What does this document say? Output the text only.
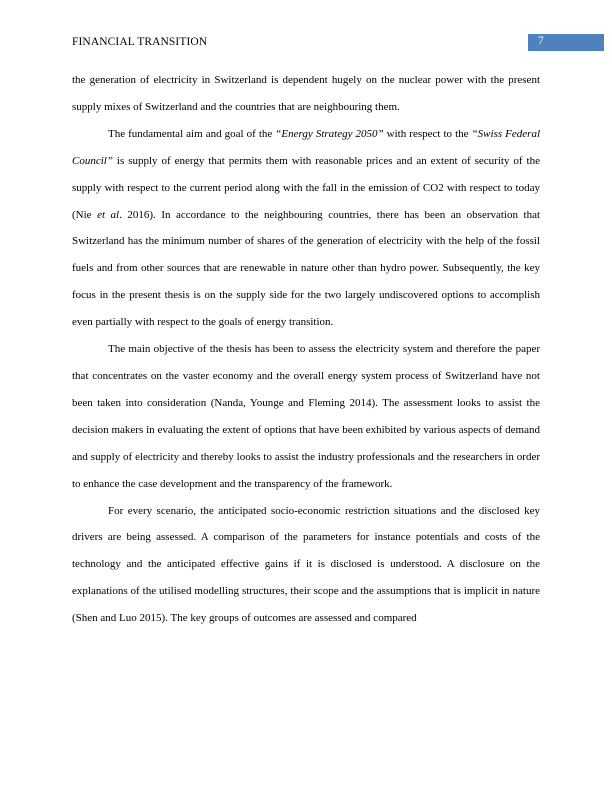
FINANCIAL TRANSITION	7

the generation of electricity in Switzerland is dependent hugely on the nuclear power with the present supply mixes of Switzerland and the countries that are neighbouring them.

The fundamental aim and goal of the “Energy Strategy 2050” with respect to the “Swiss Federal Council” is supply of energy that permits them with reasonable prices and an extent of security of the supply with respect to the current period along with the fall in the emission of CO2 with respect to today (Nie et al. 2016). In accordance to the neighbouring countries, there has been an observation that Switzerland has the minimum number of shares of the generation of electricity with the help of the fossil fuels and from other sources that are renewable in nature other than hydro power. Subsequently, the key focus in the present thesis is on the supply side for the two largely undiscovered options to accomplish even partially with respect to the goals of energy transition.

The main objective of the thesis has been to assess the electricity system and therefore the paper that concentrates on the vaster economy and the overall energy system process of Switzerland have not been taken into consideration (Nanda, Younge and Fleming 2014). The assessment looks to assist the decision makers in evaluating the extent of options that have been exhibited by various aspects of demand and supply of electricity and thereby looks to assist the industry professionals and the researchers in order to enhance the case development and the transparency of the framework.

For every scenario, the anticipated socio-economic restriction situations and the disclosed key drivers are being assessed. A comparison of the parameters for instance potentials and costs of the technology and the anticipated effective gains if it is disclosed is understood. A disclosure on the explanations of the utilised modelling structures, their scope and the assumptions that is implicit in nature (Shen and Luo 2015). The key groups of outcomes are assessed and compared
